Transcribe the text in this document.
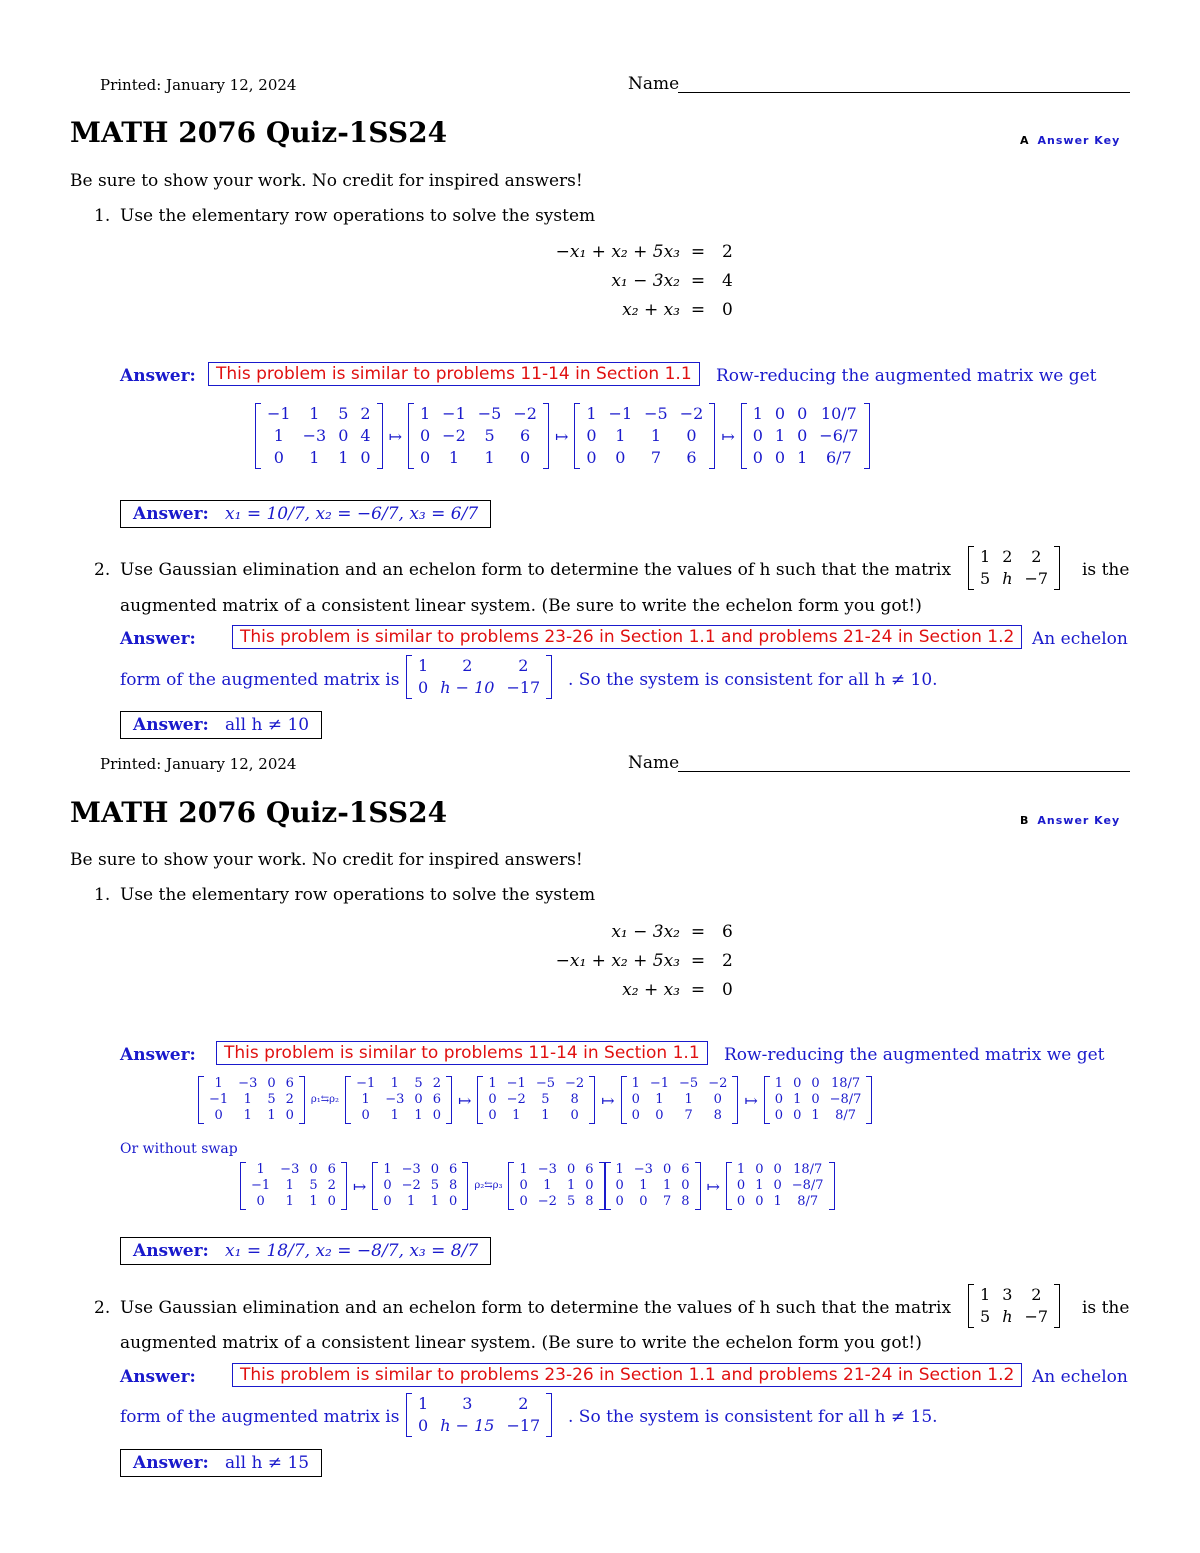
Printed: January 12, 2024	Name
MATH 2076 Quiz-1SS24	A Answer Key
Be sure to show your work. No credit for inspired answers!
1. Use the elementary row operations to solve the system
−x₁ + x₂ + 5x₃ = 2
x₁ − 3x₂ = 4
x₂ + x₃ = 0
Answer:	This problem is similar to problems 11-14 in Section 1.1	Row-reducing the augmented matrix we get
−1	1	5	2
1	−3	0	4
0	1	1	0
↦
1	−1	−5	−2
0	−2	5	6
0	1	1	0
↦
1	−1	−5	−2
0	1	1	0
0	0	7	6
↦
1	0	0	10/7
0	1	0	−6/7
0	0	1	6/7
Answer: x₁ = 10/7, x₂ = −6/7, x₃ = 6/7
2. Use Gaussian elimination and an echelon form to determine the values of h such that the matrix
1	2	2
5	h	−7 is the
augmented matrix of a consistent linear system. (Be sure to write the echelon form you got!)
Answer:	This problem is similar to problems 23-26 in Section 1.1 and problems 21-24 in Section 1.2	An echelon
form of the augmented matrix is
1	2	2
0	h − 10	−17 . So the system is consistent for all h ≠ 10.
Answer: all h ≠ 10
Printed: January 12, 2024	Name
MATH 2076 Quiz-1SS24	B Answer Key
Be sure to show your work. No credit for inspired answers!
1. Use the elementary row operations to solve the system
x₁ − 3x₂ = 6
−x₁ + x₂ + 5x₃ = 2
x₂ + x₃ = 0
Answer:	This problem is similar to problems 11-14 in Section 1.1	Row-reducing the augmented matrix we get
1	−3	0	6
−1	1	5	2
0	1	1	0
ρ₁⇆ρ₂
−1	1	5	2
1	−3	0	6
0	1	1	0
↦
1	−1	−5	−2
0	−2	5	8
0	1	1	0
↦
1	−1	−5	−2
0	1	1	0
0	0	7	8
↦
1	0	0	18/7
0	1	0	−8/7
0	0	1	8/7
Or without swap
1	−3	0	6
−1	1	5	2
0	1	1	0
↦
1	−3	0	6
0	−2	5	8
0	1	1	0
ρ₂⇆ρ₃
1	−3	0	6
0	1	1	0
0	−2	5	8
1	−3	0	6
0	1	1	0
0	0	7	8
↦
1	0	0	18/7
0	1	0	−8/7
0	0	1	8/7
Answer: x₁ = 18/7, x₂ = −8/7, x₃ = 8/7
2. Use Gaussian elimination and an echelon form to determine the values of h such that the matrix
1	3	2
5	h	−7 is the
augmented matrix of a consistent linear system. (Be sure to write the echelon form you got!)
Answer:	This problem is similar to problems 23-26 in Section 1.1 and problems 21-24 in Section 1.2	An echelon
form of the augmented matrix is
1	3	2
0	h − 15	−17 . So the system is consistent for all h ≠ 15.
Answer: all h ≠ 15
